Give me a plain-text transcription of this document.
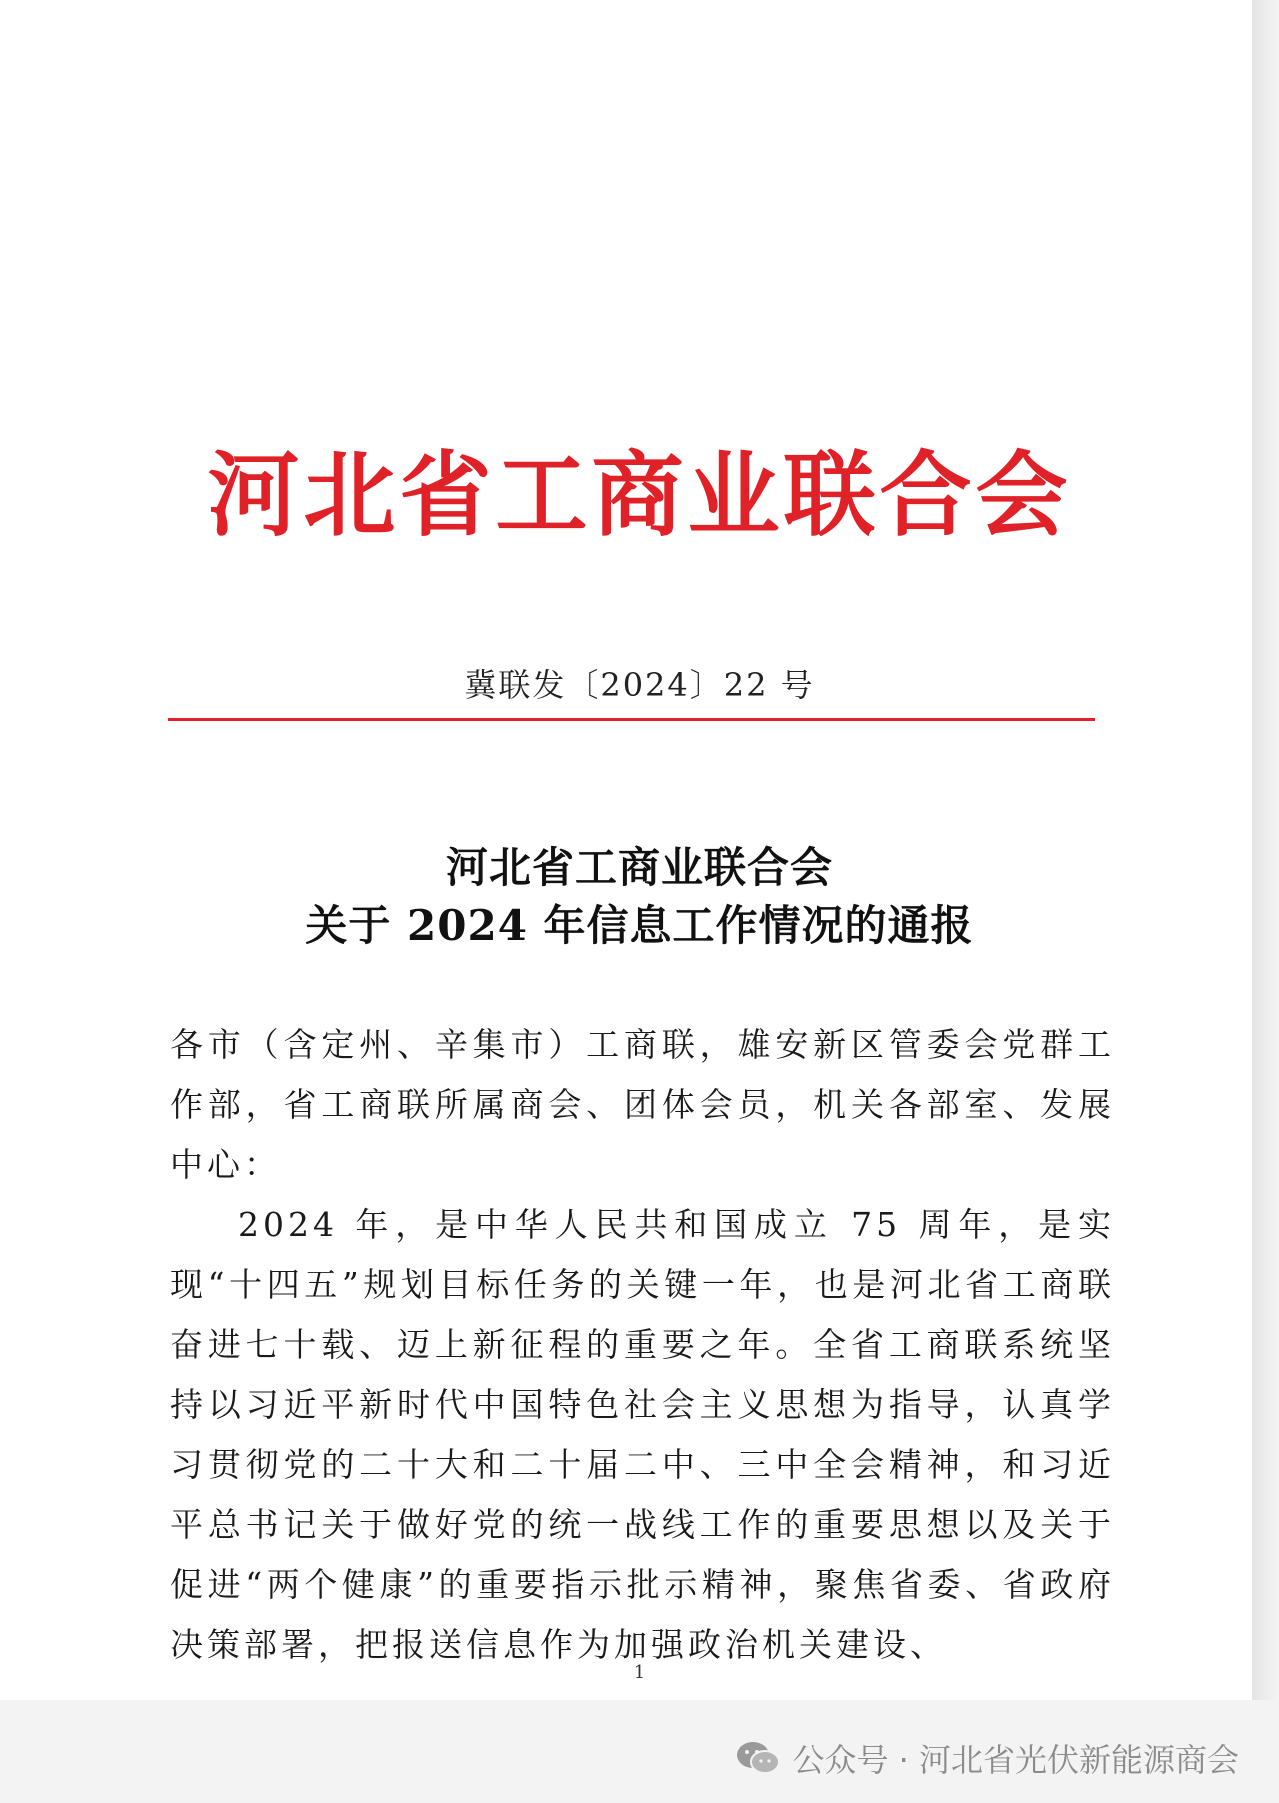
河北省工商业联合会
冀联发〔2024〕22 号
河北省工商业联合会
关于 2024 年信息工作情况的通报

各市（含定州、辛集市）工商联，雄安新区管委会党群工作部，省工商联所属商会、团体会员，机关各部室、发展中心：

2024 年，是中华人民共和国成立 75 周年，是实现“十四五”规划目标任务的关键一年，也是河北省工商联奋进七十载、迈上新征程的重要之年。全省工商联系统坚持以习近平新时代中国特色社会主义思想为指导，认真学习贯彻党的二十大和二十届二中、三中全会精神，和习近平总书记关于做好党的统一战线工作的重要思想以及关于促进“两个健康”的重要指示批示精神，聚焦省委、省政府决策部署，把报送信息作为加强政治机关建设、

1
公众号 · 河北省光伏新能源商会
